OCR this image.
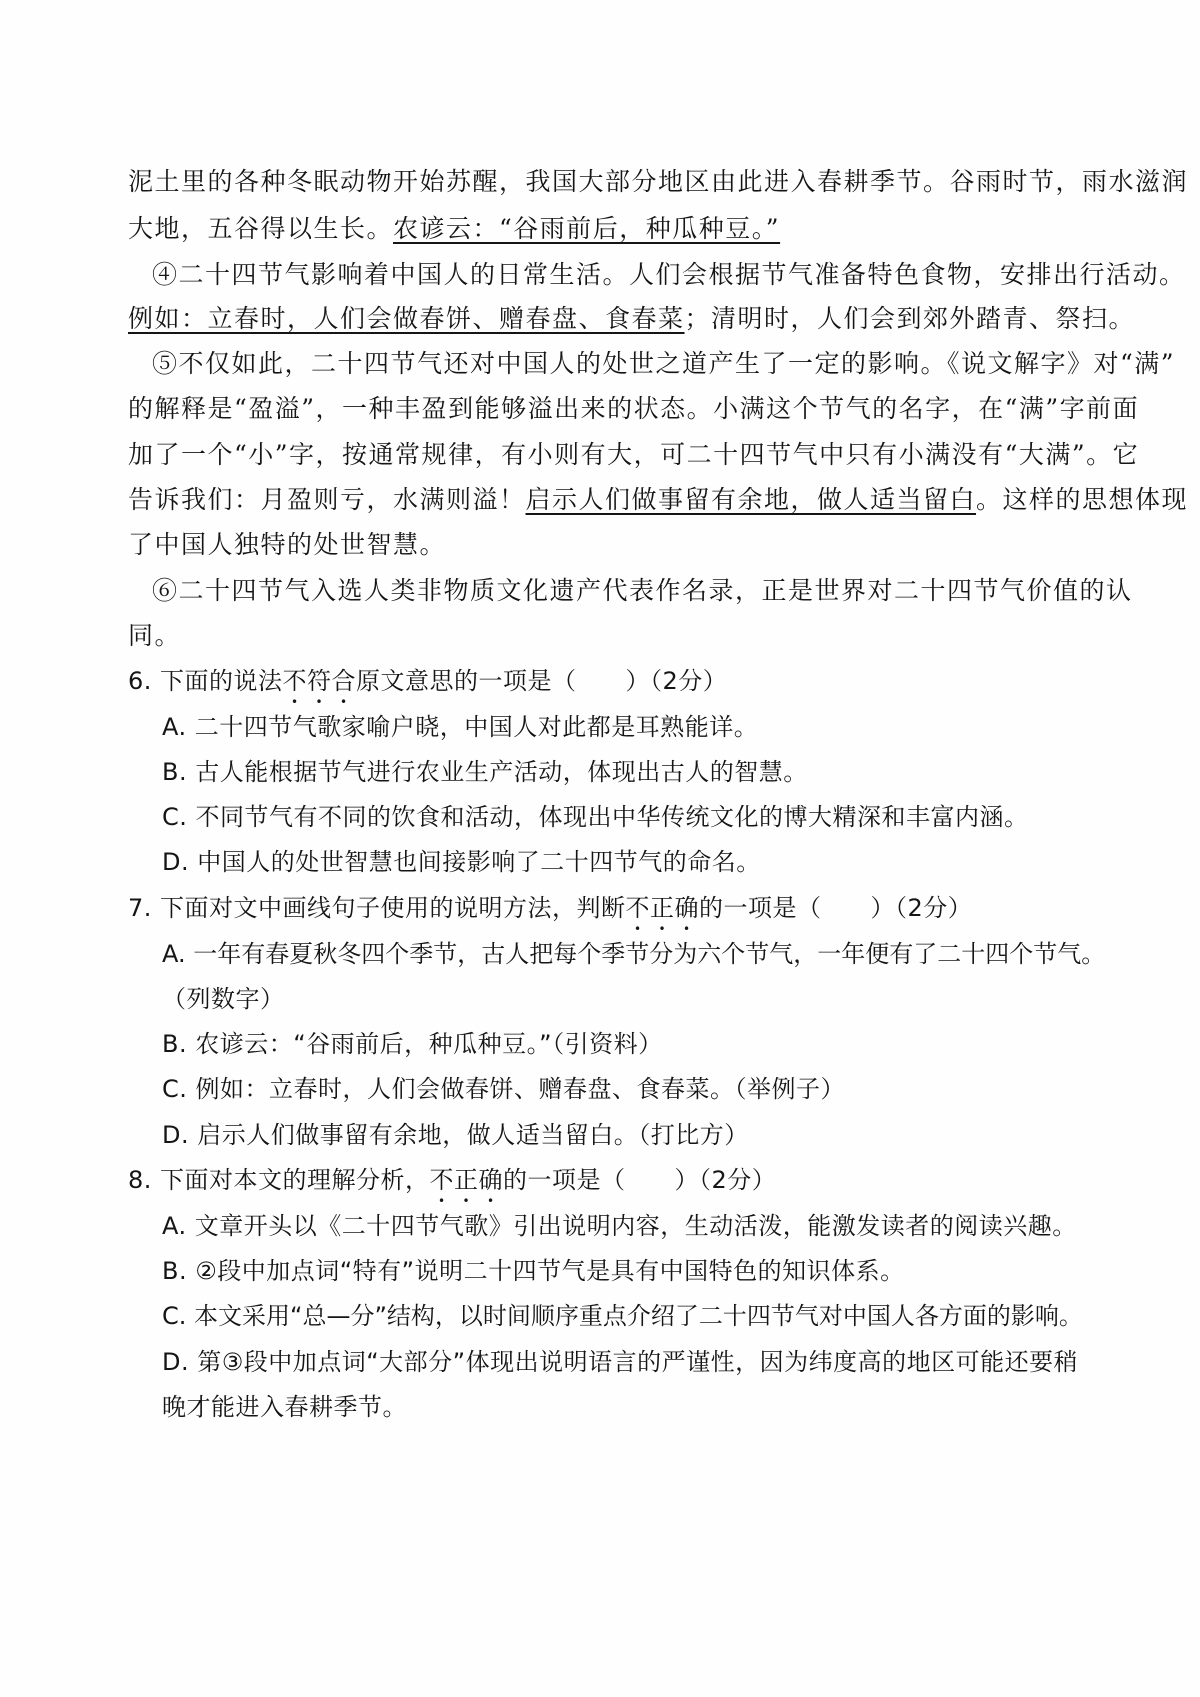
泥土里的各种冬眠动物开始苏醒，我国大部分地区由此进入春耕季节。谷雨时节，雨水滋润
大地，五谷得以生长。农谚云：“谷雨前后，种瓜种豆。”
④二十四节气影响着中国人的日常生活。人们会根据节气准备特色食物，安排出行活动。
例如：立春时，人们会做春饼、赠春盘、食春菜；清明时，人们会到郊外踏青、祭扫。
⑤不仅如此，二十四节气还对中国人的处世之道产生了一定的影响。《说文解字》对“满”
的解释是“盈溢”，一种丰盈到能够溢出来的状态。小满这个节气的名字，在“满”字前面
加了一个“小”字，按通常规律，有小则有大，可二十四节气中只有小满没有“大满”。它
告诉我们：月盈则亏，水满则溢！启示人们做事留有余地，做人适当留白。这样的思想体现
了中国人独特的处世智慧。
⑥二十四节气入选人类非物质文化遗产代表作名录，正是世界对二十四节气价值的认
同。
6. 下面的说法不符合原文意思的一项是（　　）（2分）
A. 二十四节气歌家喻户晓，中国人对此都是耳熟能详。
B. 古人能根据节气进行农业生产活动，体现出古人的智慧。
C. 不同节气有不同的饮食和活动，体现出中华传统文化的博大精深和丰富内涵。
D. 中国人的处世智慧也间接影响了二十四节气的命名。
7. 下面对文中画线句子使用的说明方法，判断不正确的一项是（　　）（2分）
A. 一年有春夏秋冬四个季节，古人把每个季节分为六个节气，一年便有了二十四个节气。
（列数字）
B. 农谚云：“谷雨前后，种瓜种豆。”（引资料）
C. 例如：立春时，人们会做春饼、赠春盘、食春菜。（举例子）
D. 启示人们做事留有余地，做人适当留白。（打比方）
8. 下面对本文的理解分析，不正确的一项是（　　）（2分）
A. 文章开头以《二十四节气歌》引出说明内容，生动活泼，能激发读者的阅读兴趣。
B. ②段中加点词“特有”说明二十四节气是具有中国特色的知识体系。
C. 本文采用“总—分”结构，以时间顺序重点介绍了二十四节气对中国人各方面的影响。
D. 第③段中加点词“大部分”体现出说明语言的严谨性，因为纬度高的地区可能还要稍
晚才能进入春耕季节。
